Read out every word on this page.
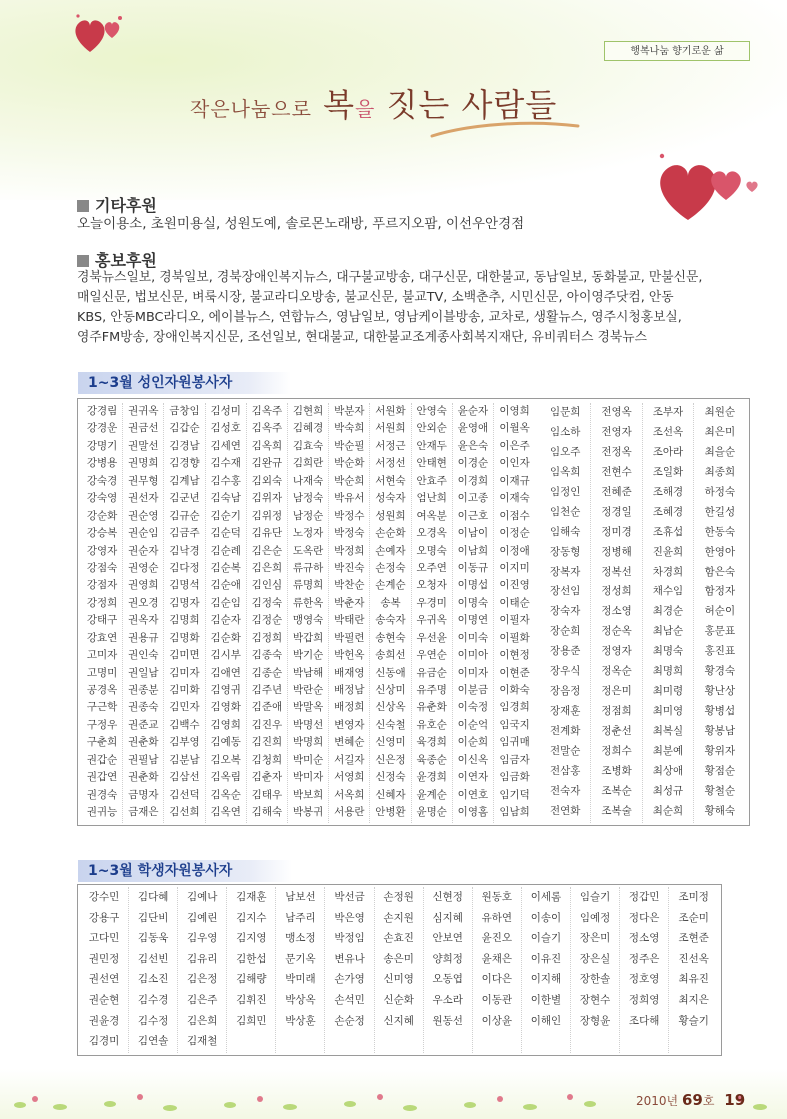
행복나눔 향기로운 삶
작은나눔으로 복을 짓는 사람들
기타후원
오늘이용소, 초원미용실, 성원도예, 솔로몬노래방, 푸르지오팜, 이선우안경점
홍보후원
경북뉴스일보, 경북일보, 경북장애인복지뉴스, 대구불교방송, 대구신문, 대한불교, 동남일보, 동화불교, 만불신문,
매일신문, 법보신문, 벼룩시장, 불교라디오방송, 불교신문, 불교TV, 소백춘추, 시민신문, 아이영주닷컴, 안동
KBS, 안동MBC라디오, 에이블뉴스, 연합뉴스, 영남일보, 영남케이블방송, 교차로, 생활뉴스, 영주시청홍보실,
영주FM방송, 장애인복지신문, 조선일보, 현대불교, 대한불교조계종사회복지재단, 유비쿼터스 경북뉴스
1~3월 성인자원봉사자
강경림
강경운
강명기
강병용
강숙경
강숙영
강순화
강승복
강영자
강점숙
강점자
강정희
강태구
강효연
고미자
고명미
공경옥
구근학
구정우
구춘희
권갑순
권갑연
권경숙
권귀능
권귀옥
권금선
권말선
권명희
권무형
권선자
권순영
권순임
권순자
권영순
권영희
권오경
권옥자
권용규
권인숙
권일남
권종분
권종숙
권준교
권춘화
권필남
권춘화
금명자
금재은
금창임
김갑순
김경남
김경향
김계남
김군년
김규순
김금주
김낙경
김다정
김명석
김명자
김명희
김명화
김미면
김미자
김미화
김민자
김백수
김부영
김분남
김삼선
김선덕
김선희
김성미
김성호
김세연
김수재
김수홍
김숙남
김순기
김순덕
김순례
김순복
김순애
김순임
김순자
김순화
김시부
김애연
김영귀
김영화
김영희
김예동
김오복
김옥림
김옥순
김옥연
김옥주
김옥주
김옥희
김완규
김외숙
김위자
김위정
김유단
김은순
김은희
김인심
김정숙
김정순
김정희
김종숙
김종순
김주년
김준애
김진우
김진희
김청희
김춘자
김태우
김해숙
김현희
김혜경
김효숙
김희란
나재숙
남정숙
남정순
노정자
도옥란
류규하
류명희
류한옥
맹영숙
박갑희
박기순
박남해
박란순
박말옥
박명선
박명희
박미순
박미자
박보희
박봉귀
박분자
박숙희
박순필
박순화
박순희
박유서
박정수
박정숙
박정희
박진숙
박찬순
박춘자
박태란
박필련
박헌옥
배재영
배정남
배정희
변영자
변혜순
서길자
서영희
서옥희
서용란
서원화
서원희
서정근
서정선
서현숙
성숙자
성원희
손순화
손예자
손정숙
손계순
송복
송숙자
송현숙
송희선
신동애
신상미
신상옥
신숙철
신영미
신은정
신정숙
신혜자
안병환
안영숙
안외순
안재두
안태현
안효주
엄난희
여옥분
오경옥
오명숙
오주연
오청자
우경미
우귀옥
우선윤
우연순
유금순
유주명
유춘화
유호순
육경희
육종순
윤경희
윤계순
윤명순
윤순자
윤영애
윤은숙
이경순
이경희
이고종
이근호
이남이
이남희
이동규
이명섭
이명숙
이명연
이미숙
이미아
이미자
이분금
이숙정
이순억
이순희
이신옥
이연자
이연호
이영홈
이영희
이월옥
이은주
이인자
이재규
이재숙
이점수
이정순
이정애
이지미
이진영
이태순
이필자
이필화
이현정
이현준
이화숙
임경희
임국지
임귀매
임금자
임금화
임기덕
임남희
임문희
임소하
임오주
임옥희
임정인
임천순
임해숙
장동형
장복자
장선임
장숙자
장순희
장용준
장우식
장음정
장재훈
전계화
전말순
전삼홍
전숙자
전연화
전영옥
전영자
전정옥
전현수
전혜준
정경일
정미경
정병해
정복선
정성희
정소영
정순옥
정영자
정옥순
정은미
정점희
정춘선
정희수
조병화
조복순
조복술
조부자
조선옥
조아라
조일화
조해경
조혜경
조휴섭
진윤희
차경희
채수임
최경순
최남순
최명숙
최명희
최미령
최미영
최복실
최분예
최상애
최성규
최순희
최원순
최은미
최을순
최종희
하정숙
한길성
한동숙
한영아
함은숙
함정자
허순이
홍문표
홍진표
황경숙
황난상
황병섭
황봉남
황위자
황점순
황철순
황해숙
1~3월 학생자원봉사자
강수민
강용구
고다민
권민정
권선연
권순현
권윤경
김경미
김다혜
김단비
김동욱
김선빈
김소진
김수경
김수정
김연솔
김예나
김예린
김우영
김유리
김은정
김은주
김은희
김재철
김재훈
김지수
김지영
김한섭
김해량
김휘진
김희민
남보선
남주리
맹소정
문기옥
박미래
박상옥
박상훈
박선금
박은영
박정임
변유나
손가영
손석민
손순정
손정원
손지원
손효진
송은미
신미영
신순화
신지혜
신현정
심지혜
안보연
양희정
오동엽
우소라
원동선
원동호
유하연
윤진오
윤채은
이다은
이동관
이상윤
이세롬
이송이
이슬기
이유진
이지해
이한별
이해인
임슬기
임예정
장은미
장은실
장한솔
장현수
장형윤
정갑민
정다은
정소영
정주은
정호영
정희영
조다해
조미정
조순미
조현준
진선옥
최유진
최지은
황슬기
2010년 69호 19
